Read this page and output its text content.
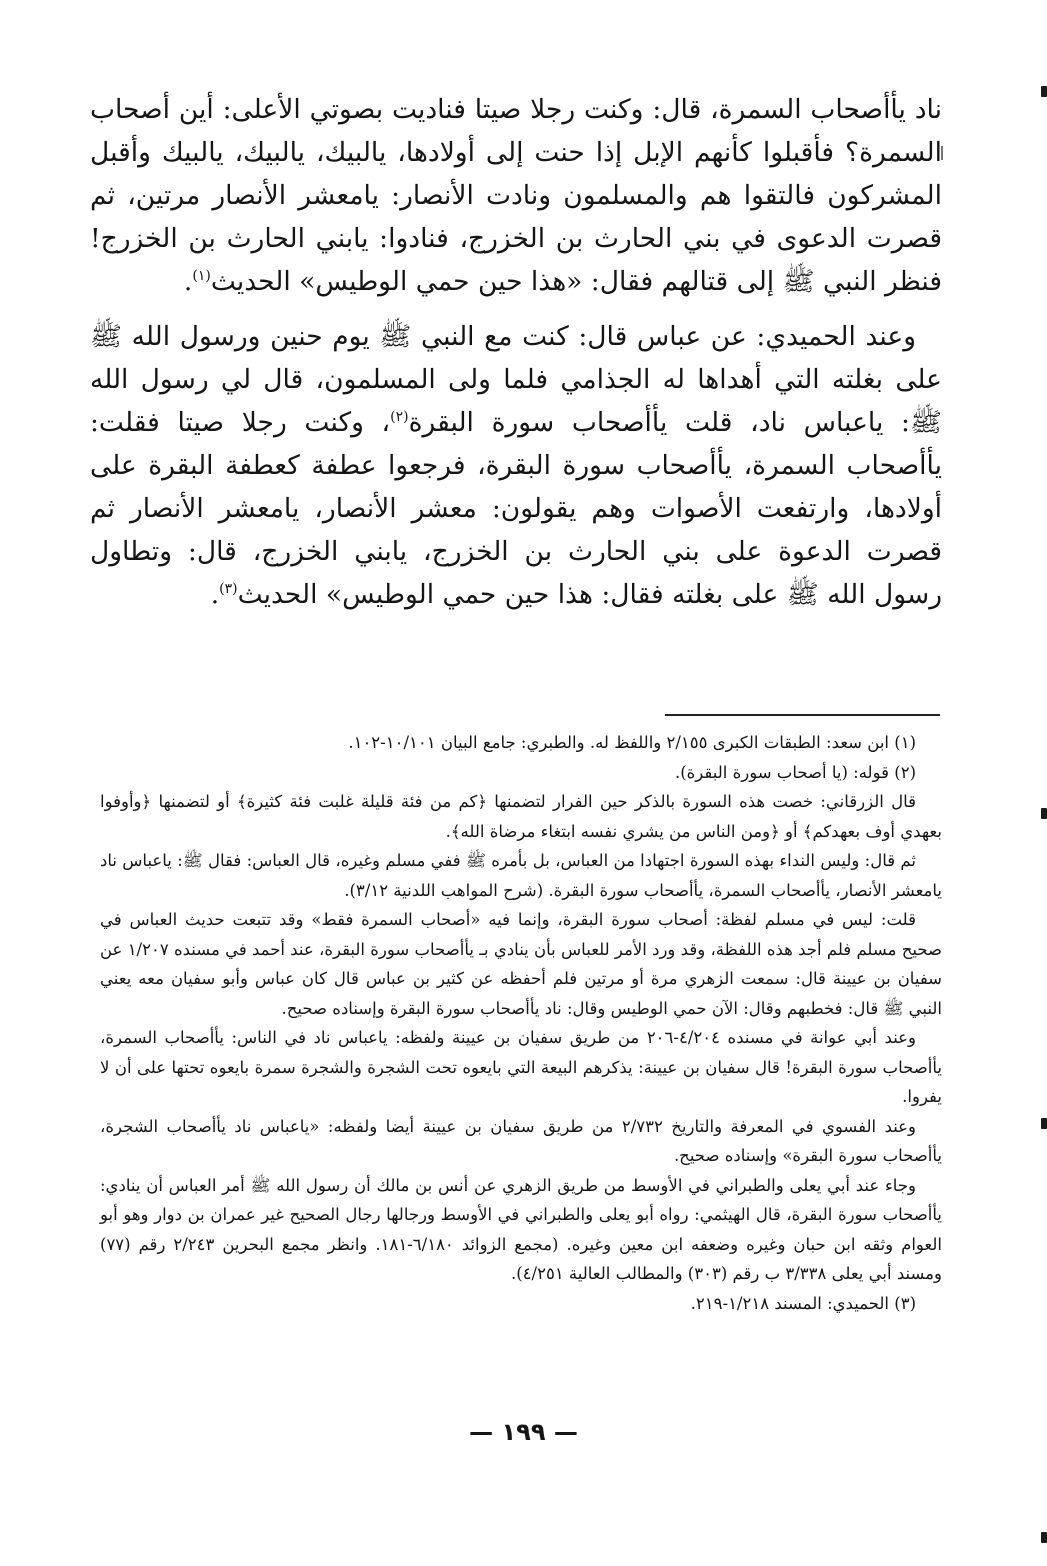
ناد يأأصحاب السمرة، قال: وكنت رجلا صيتا فناديت بصوتي الأعلى: أين أصحاب السمرة؟ فأقبلوا كأنهم الإبل إذا حنت إلى أولادها، يالبيك، يالبيك، يالبيك وأقبل المشركون فالتقوا هم والمسلمون ونادت الأنصار: يامعشر الأنصار مرتين، ثم قصرت الدعوى في بني الحارث بن الخزرج، فنادوا: يابني الحارث بن الخزرج! فنظر النبي ﷺ إلى قتالهم فقال: «هذا حين حمي الوطيس» الحديث$^{(١)}$.

وعند الحميدي: عن عباس قال: كنت مع النبي ﷺ يوم حنين ورسول الله ﷺ على بغلته التي أهداها له الجذامي فلما ولى المسلمون، قال لي رسول الله ﷺ: ياعباس ناد، قلت يأأصحاب سورة البقرة$^{(٢)}$، وكنت رجلا صيتا فقلت: يأأصحاب السمرة، يأأصحاب سورة البقرة، فرجعوا عطفة كعطفة البقرة على أولادها، وارتفعت الأصوات وهم يقولون: معشر الأنصار، يامعشر الأنصار ثم قصرت الدعوة على بني الحارث بن الخزرج، يابني الخزرج، قال: وتطاول رسول الله ﷺ على بغلته فقال: هذا حين حمي الوطيس» الحديث$^{(٣)}$.

(١) ابن سعد: الطبقات الكبرى ٢/١٥٥ واللفظ له. والطبري: جامع البيان ١٠/١٠١-١٠٢.

(٢) قوله: (يا أصحاب سورة البقرة).

قال الزرقاني: خصت هذه السورة بالذكر حين الفرار لتضمنها ﴿كم من فئة قليلة غلبت فئة كثيرة﴾ أو لتضمنها ﴿وأوفوا بعهدي أوف بعهدكم﴾ أو ﴿ومن الناس من يشري نفسه ابتغاء مرضاة الله﴾.

ثم قال: وليس النداء بهذه السورة اجتهادا من العباس، بل بأمره ﷺ ففي مسلم وغيره، قال العباس: فقال ﷺ: ياعباس ناد يامعشر الأنصار، يأأصحاب السمرة، يأأصحاب سورة البقرة. (شرح المواهب اللدنية ٣/١٢).

قلت: ليس في مسلم لفظة: أصحاب سورة البقرة، وإنما فيه «أصحاب السمرة فقط» وقد تتبعت حديث العباس في صحيح مسلم فلم أجد هذه اللفظة، وقد ورد الأمر للعباس بأن ينادي بـ يأأصحاب سورة البقرة، عند أحمد في مسنده ١/٢٠٧ عن سفيان بن عيينة قال: سمعت الزهري مرة أو مرتين فلم أحفظه عن كثير بن عباس قال كان عباس وأبو سفيان معه يعني النبي ﷺ قال: فخطبهم وقال: الآن حمي الوطيس وقال: ناد يأأصحاب سورة البقرة وإسناده صحيح.

وعند أبي عوانة في مسنده ٤/٢٠٤-٢٠٦ من طريق سفيان بن عيينة ولفظه: ياعباس ناد في الناس: يأأصحاب السمرة، يأأصحاب سورة البقرة! قال سفيان بن عيينة: يذكرهم البيعة التي بايعوه تحت الشجرة والشجرة سمرة بايعوه تحتها على أن لا يفروا.

وعند الفسوي في المعرفة والتاريخ ٢/٧٣٢ من طريق سفيان بن عيينة أيضا ولفظه: «ياعباس ناد يأأصحاب الشجرة، يأأصحاب سورة البقرة» وإسناده صحيح.

وجاء عند أبي يعلى والطبراني في الأوسط من طريق الزهري عن أنس بن مالك أن رسول الله ﷺ أمر العباس أن ينادي: يأأصحاب سورة البقرة، قال الهيثمي: رواه أبو يعلى والطبراني في الأوسط ورجالها رجال الصحيح غير عمران بن دوار وهو أبو العوام وثقه ابن حبان وغيره وضعفه ابن معين وغيره. (مجمع الزوائد ٦/١٨٠-١٨١. وانظر مجمع البحرين ٢/٢٤٣ رقم (٧٧) ومسند أبي يعلى ٣/٣٣٨ ب رقم (٣٠٣) والمطالب العالية ٤/٢٥١).

(٣) الحميدي: المسند ١/٢١٨-٢١٩.

— ١٩٩ —
